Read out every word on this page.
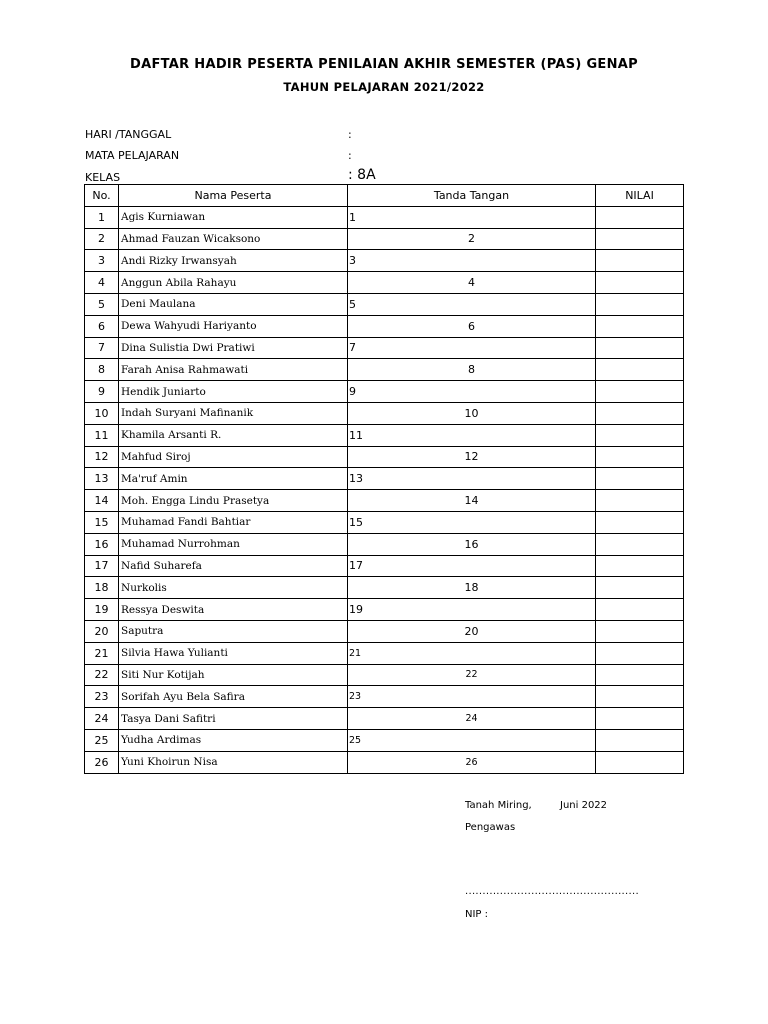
DAFTAR HADIR PESERTA PENILAIAN AKHIR SEMESTER (PAS) GENAP
TAHUN PELAJARAN 2021/2022
HARI /TANGGAL	:
MATA PELAJARAN	:
KELAS	: 8A
No.	Nama Peserta	Tanda Tangan	NILAI
1	Agis Kurniawan	1	
2	Ahmad Fauzan Wicaksono	2	
3	Andi Rizky Irwansyah	3	
4	Anggun Abila Rahayu	4	
5	Deni Maulana	5	
6	Dewa Wahyudi Hariyanto	6	
7	Dina Sulistia Dwi Pratiwi	7	
8	Farah Anisa Rahmawati	8	
9	Hendik Juniarto	9	
10	Indah Suryani Mafinanik	10	
11	Khamila Arsanti R.	11	
12	Mahfud Siroj	12	
13	Ma'ruf Amin	13	
14	Moh. Engga Lindu Prasetya	14	
15	Muhamad Fandi Bahtiar	15	
16	Muhamad Nurrohman	16	
17	Nafid Suharefa	17	
18	Nurkolis	18	
19	Ressya Deswita	19	
20	Saputra	20	
21	Silvia Hawa Yulianti	21	
22	Siti Nur Kotijah	22	
23	Sorifah Ayu Bela Safira	23	
24	Tasya Dani Safitri	24	
25	Yudha Ardimas	25	
26	Yuni Khoirun Nisa	26	
Tanah Miring,	Juni 2022
Pengawas
..................................................
NIP :
